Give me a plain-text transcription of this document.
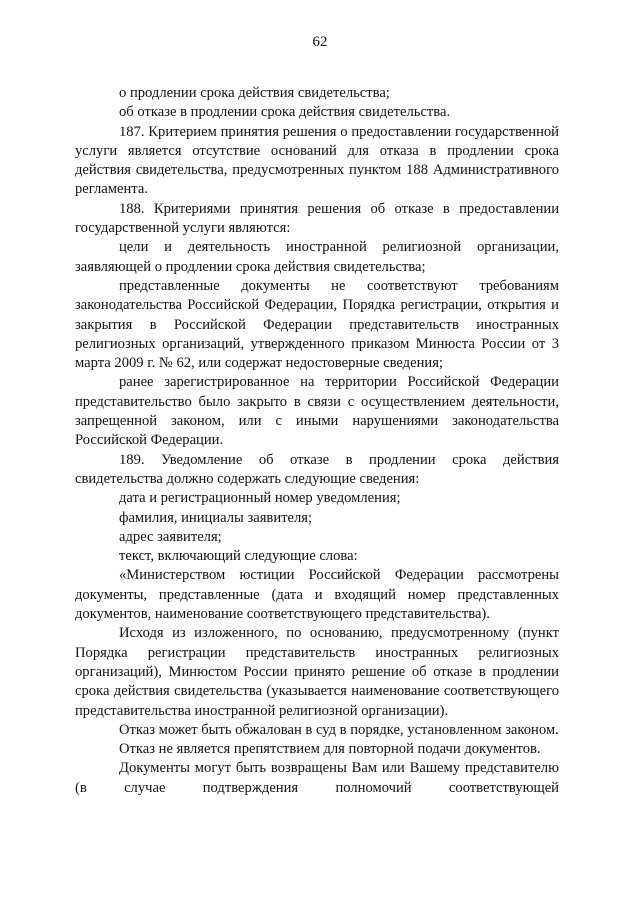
62

о продлении срока действия свидетельства;

об отказе в продлении срока действия свидетельства.

187. Критерием принятия решения о предоставлении государственной услуги является отсутствие оснований для отказа в продлении срока действия свидетельства, предусмотренных пунктом 188 Административного регламента.

188. Критериями принятия решения об отказе в предоставлении государственной услуги являются:

цели и деятельность иностранной религиозной организации, заявляющей о продлении срока действия свидетельства;

представленные документы не соответствуют требованиям законодательства Российской Федерации, Порядка регистрации, открытия и закрытия в Российской Федерации представительств иностранных религиозных организаций, утвержденного приказом Минюста России от 3 марта 2009 г. № 62, или содержат недостоверные сведения;

ранее зарегистрированное на территории Российской Федерации представительство было закрыто в связи с осуществлением деятельности, запрещенной законом, или с иными нарушениями законодательства Российской Федерации.

189. Уведомление об отказе в продлении срока действия свидетельства должно содержать следующие сведения:

дата и регистрационный номер уведомления;

фамилия, инициалы заявителя;

адрес заявителя;

текст, включающий следующие слова:

«Министерством юстиции Российской Федерации рассмотрены документы, представленные (дата и входящий номер представленных документов, наименование соответствующего представительства).

Исходя из изложенного, по основанию, предусмотренному (пункт Порядка регистрации представительств иностранных религиозных организаций), Минюстом России принято решение об отказе в продлении срока действия свидетельства (указывается наименование соответствующего представительства иностранной религиозной организации).

Отказ может быть обжалован в суд в порядке, установленном законом.

Отказ не является препятствием для повторной подачи документов.

Документы могут быть возвращены Вам или Вашему представителю (в случае подтверждения полномочий соответствующей
